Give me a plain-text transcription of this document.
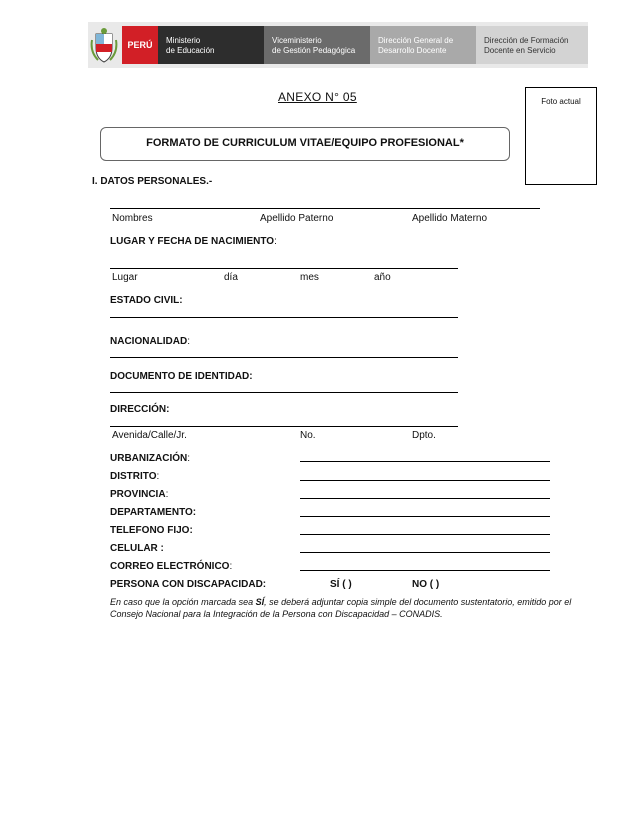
PERÚ Ministerio
de Educación
Viceministerio
de Gestión Pedagógica
Dirección General de
Desarrollo Docente
Dirección de Formación
Docente en Servicio
ANEXO N° 05	Foto actual
FORMATO DE CURRICULUM VITAE/EQUIPO PROFESIONAL*
I. DATOS PERSONALES.-
Nombres	Apellido Paterno	Apellido Materno
LUGAR Y FECHA DE NACIMIENTO:
Lugar	día	mes	año
ESTADO CIVIL:
NACIONALIDAD:
DOCUMENTO DE IDENTIDAD:
DIRECCIÓN:
Avenida/Calle/Jr.	No.	Dpto.
URBANIZACIÓN:
DISTRITO:
PROVINCIA:
DEPARTAMENTO:
TELEFONO FIJO:
CELULAR :
CORREO ELECTRÓNICO:
PERSONA CON DISCAPACIDAD:	SÍ ( )	NO ( )
En caso que la opción marcada sea SÍ, se deberá adjuntar copia simple del documento sustentatorio, emitido por el Consejo Nacional para la Integración de la Persona con Discapacidad – CONADIS.
